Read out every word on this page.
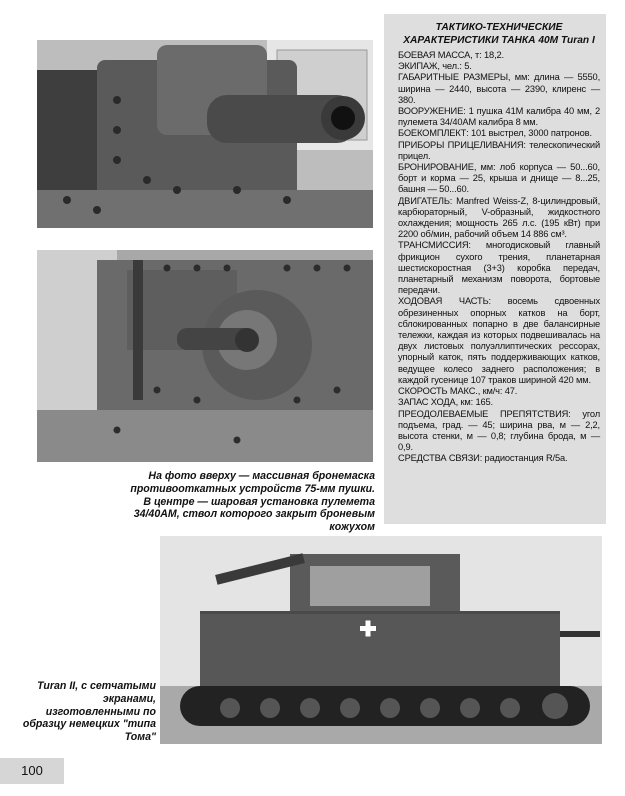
ТАКТИКО-ТЕХНИЧЕСКИЕ ХАРАКТЕРИСТИКИ ТАНКА 40М Turan I
БОЕВАЯ МАССА, т: 18,2.
ЭКИПАЖ, чел.: 5.
ГАБАРИТНЫЕ РАЗМЕРЫ, мм: длина — 5550, ширина — 2440, высота — 2390, клиренс — 380.
ВООРУЖЕНИЕ: 1 пушка 41М калибра 40 мм, 2 пулемета 34/40АМ калибра 8 мм.
БОЕКОМПЛЕКТ: 101 выстрел, 3000 патронов.
ПРИБОРЫ ПРИЦЕЛИВАНИЯ: телескопический прицел.
БРОНИРОВАНИЕ, мм: лоб корпуса — 50...60, борт и корма — 25, крыша и днище — 8...25, башня — 50...60.
ДВИГАТЕЛЬ: Manfred Weiss-Z, 8-цилиндровый, карбюраторный, V-образный, жидкостного охлаждения; мощность 265 л.с. (195 кВт) при 2200 об/мин, рабочий объем 14 886 см³.
ТРАНСМИССИЯ: многодисковый главный фрикцион сухого трения, планетарная шестискоростная (3+3) коробка передач, планетарный механизм поворота, бортовые передачи.
ХОДОВАЯ ЧАСТЬ: восемь сдвоенных обрезиненных опорных катков на борт, сблокированных попарно в две балансирные тележки, каждая из которых подвешивалась на двух листовых полуэллиптических рессорах, упорный каток, пять поддерживающих катков, ведущее колесо заднего расположения; в каждой гусенице 107 траков шириной 420 мм.
СКОРОСТЬ МАКС., км/ч: 47.
ЗАПАС ХОДА, км: 165.
ПРЕОДОЛЕВАЕМЫЕ ПРЕПЯТСТВИЯ: угол подъема, град. — 45; ширина рва, м — 2,2, высота стенки, м — 0,8; глубина брода, м — 0,9.
СРЕДСТВА СВЯЗИ: радиостанция R/5a.
На фото вверху — массивная бронемаска противооткатных устройств 75-мм пушки. В центре — шаровая установка пулемета 34/40АМ, ствол которого закрыт броневым кожухом
Turan II, с сетчатыми экранами, изготовленными по образцу немецких "типа Тома"
100
